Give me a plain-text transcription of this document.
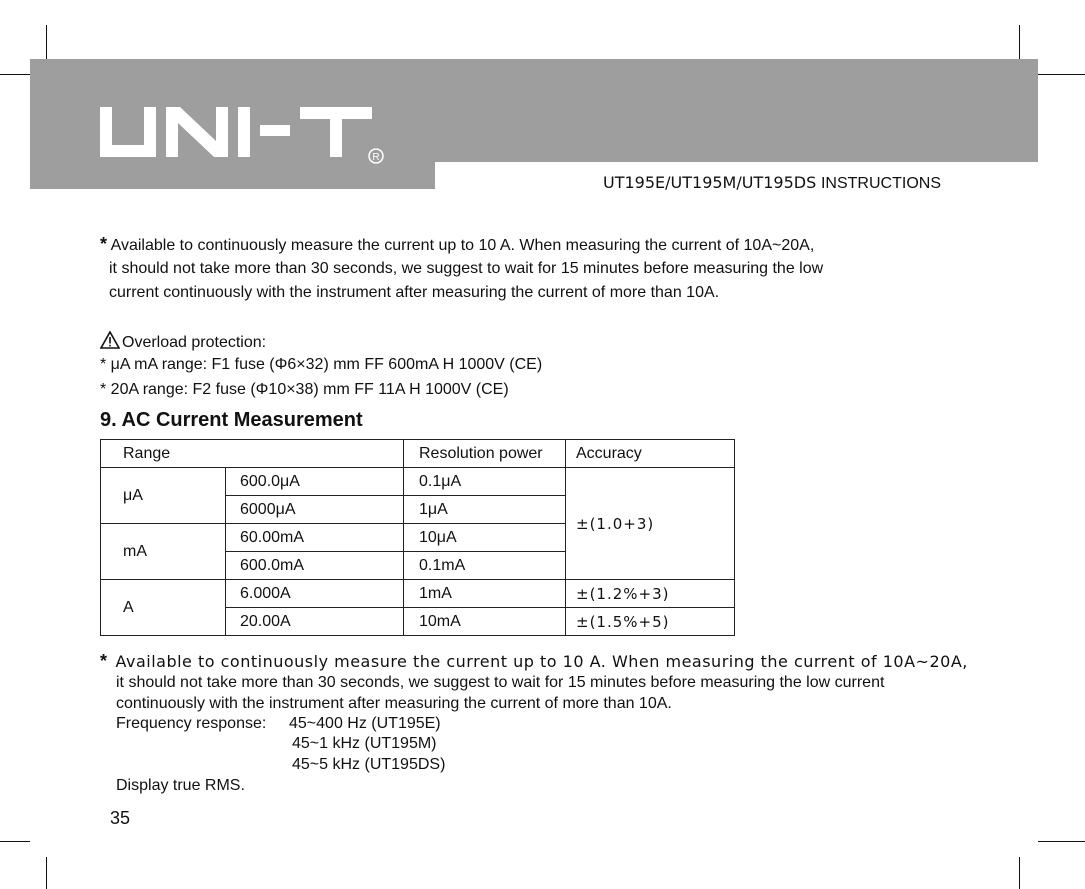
R
UT195E/UT195M/UT195DS INSTRUCTIONS
* Available to continuously measure the current up to 10 A. When measuring the current of 10A~20A,
it should not take more than 30 seconds, we suggest to wait for 15 minutes before measuring the low
current continuously with the instrument after measuring the current of more than 10A.
Overload protection:
* μA mA range: F1 fuse (Φ6×32) mm FF 600mA H 1000V (CE)
* 20A range: F2 fuse (Φ10×38) mm FF 11A H 1000V (CE)
9. AC Current Measurement
Range		Resolution power	Accuracy
μA	600.0μA	0.1μA	±(1.0+3)
	6000μA	1μA	
mA	60.00mA	10μA	
	600.0mA	0.1mA	
A	6.000A	1mA	±(1.2%+3)
	20.00A	10mA	±(1.5%+5)
* Available to continuously measure the current up to 10 A. When measuring the current of 10A~20A,
it should not take more than 30 seconds, we suggest to wait for 15 minutes before measuring the low current
continuously with the instrument after measuring the current of more than 10A.
Frequency response: 45~400 Hz (UT195E)
45~1 kHz (UT195M)
45~5 kHz (UT195DS)
Display true RMS.
35
